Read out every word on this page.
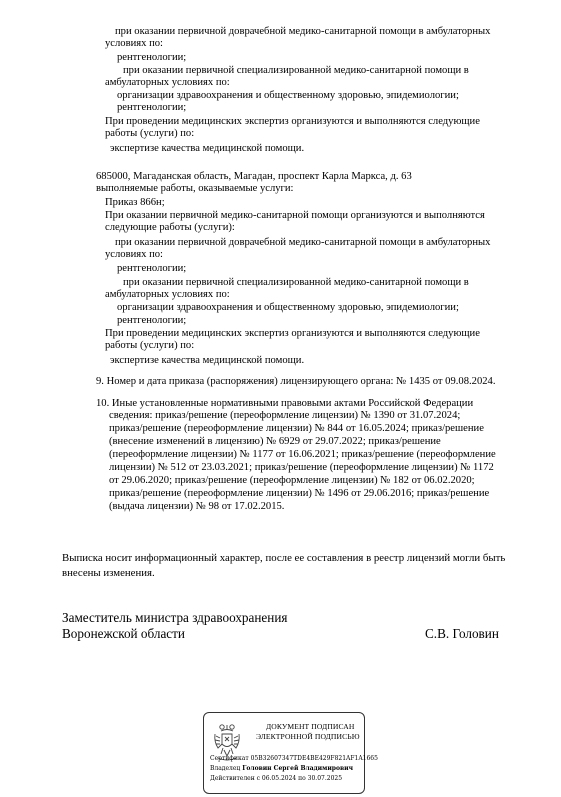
при оказании первичной доврачебной медико-санитарной помощи в амбулаторных
условиях по:
рентгенологии;
при оказании первичной специализированной медико-санитарной помощи в
амбулаторных условиях по:
организации здравоохранения и общественному здоровью, эпидемиологии;
рентгенологии;
При проведении медицинских экспертиз организуются и выполняются следующие
работы (услуги) по:
экспертизе качества медицинской помощи.
685000, Магаданская область, Магадан, проспект Карла Маркса, д. 63
выполняемые работы, оказываемые услуги:
Приказ 866н;
При оказании первичной медико-санитарной помощи организуются и выполняются
следующие работы (услуги):
при оказании первичной доврачебной медико-санитарной помощи в амбулаторных
условиях по:
рентгенологии;
при оказании первичной специализированной медико-санитарной помощи в
амбулаторных условиях по:
организации здравоохранения и общественному здоровью, эпидемиологии;
рентгенологии;
При проведении медицинских экспертиз организуются и выполняются следующие
работы (услуги) по:
экспертизе качества медицинской помощи.
9. Номер и дата приказа (распоряжения) лицензирующего органа: № 1435 от 09.08.2024.
10. Иные установленные нормативными правовыми актами Российской Федерации
сведения: приказ/решение (переоформление лицензии) № 1390 от 31.07.2024;
приказ/решение (переоформление лицензии) № 844 от 16.05.2024; приказ/решение
(внесение изменений в лицензию) № 6929 от 29.07.2022; приказ/решение
(переоформление лицензии) № 1177 от 16.06.2021; приказ/решение (переоформление
лицензии) № 512 от 23.03.2021; приказ/решение (переоформление лицензии) № 1172
от 29.06.2020; приказ/решение (переоформление лицензии) № 182 от 06.02.2020;
приказ/решение (переоформление лицензии) № 1496 от 29.06.2016; приказ/решение
(выдача лицензии) № 98 от 17.02.2015.
Выписка носит информационный характер, после ее составления в реестр лицензий могли быть
внесены изменения.
Заместитель министра здравоохранения
Воронежской области	С.В. Головин
ДОКУМЕНТ ПОДПИСАН
ЭЛЕКТРОННОЙ ПОДПИСЬЮ
Сертификат 05B32607347TDE4BE429F821AF1A1665
Владелец Головин Сергей Владимирович
Действителен с 06.05.2024 по 30.07.2025
